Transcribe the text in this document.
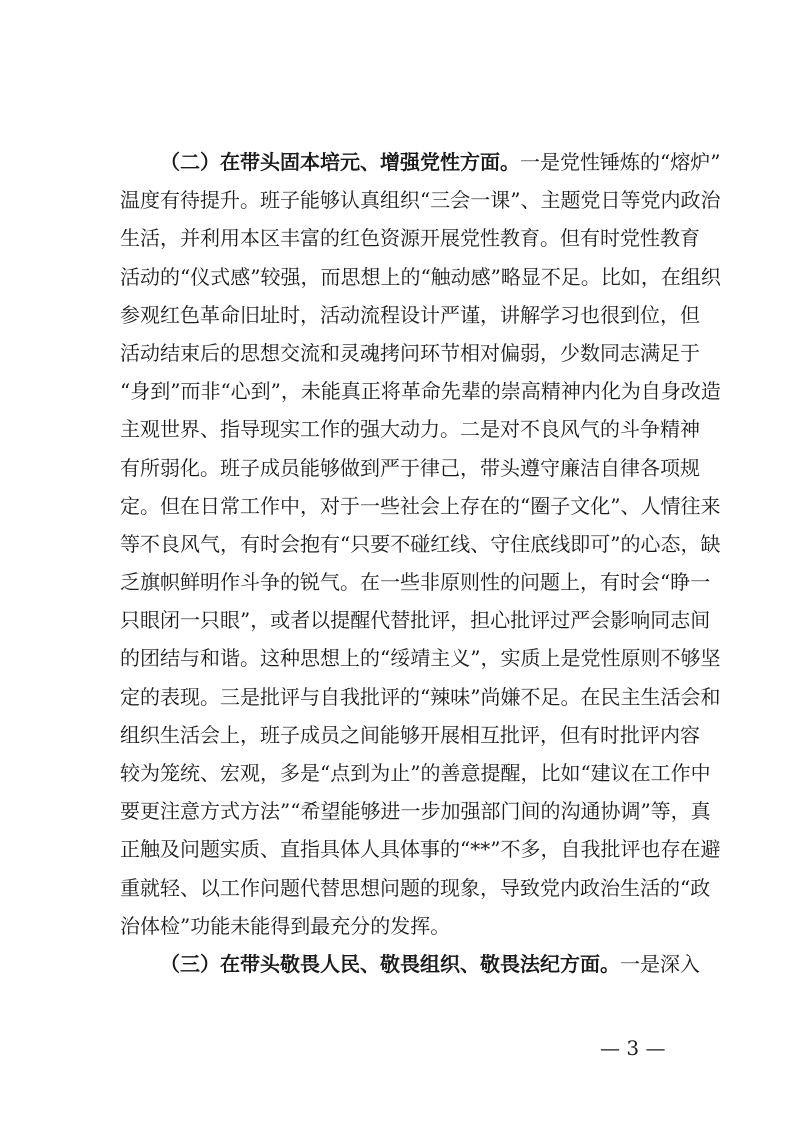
（二）在带头固本培元、增强党性方面。一是党性锤炼的“熔炉”
温度有待提升。班子能够认真组织“三会一课”、主题党日等党内政治
生活，并利用本区丰富的红色资源开展党性教育。但有时党性教育
活动的“仪式感”较强，而思想上的“触动感”略显不足。比如，在组织
参观红色革命旧址时，活动流程设计严谨，讲解学习也很到位，但
活动结束后的思想交流和灵魂拷问环节相对偏弱，少数同志满足于
“身到”而非“心到”，未能真正将革命先辈的崇高精神内化为自身改造
主观世界、指导现实工作的强大动力。二是对不良风气的斗争精神
有所弱化。班子成员能够做到严于律己，带头遵守廉洁自律各项规
定。但在日常工作中，对于一些社会上存在的“圈子文化”、人情往来
等不良风气，有时会抱有“只要不碰红线、守住底线即可”的心态，缺
乏旗帜鲜明作斗争的锐气。在一些非原则性的问题上，有时会“睁一
只眼闭一只眼”，或者以提醒代替批评，担心批评过严会影响同志间
的团结与和谐。这种思想上的“绥靖主义”，实质上是党性原则不够坚
定的表现。三是批评与自我批评的“辣味”尚嫌不足。在民主生活会和
组织生活会上，班子成员之间能够开展相互批评，但有时批评内容
较为笼统、宏观，多是“点到为止”的善意提醒，比如“建议在工作中
要更注意方式方法”“希望能够进一步加强部门间的沟通协调”等，真
正触及问题实质、直指具体人具体事的“**”不多，自我批评也存在避
重就轻、以工作问题代替思想问题的现象，导致党内政治生活的“政
治体检”功能未能得到最充分的发挥。
（三）在带头敬畏人民、敬畏组织、敬畏法纪方面。一是深入
— 3 —
